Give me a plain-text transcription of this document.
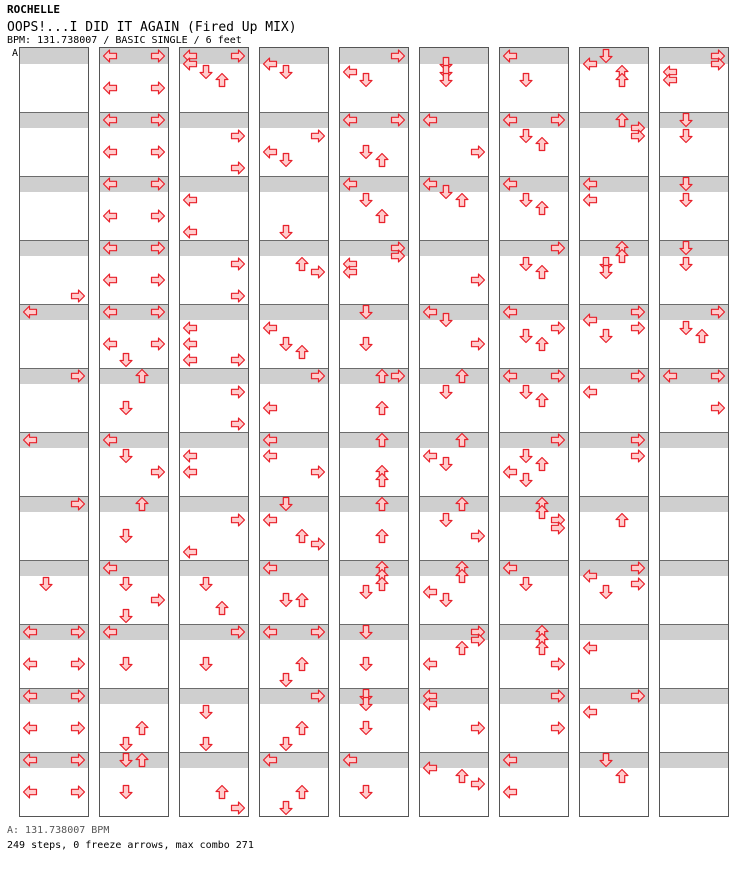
ROCHELLE
OOPS!...I DID IT AGAIN (Fired Up MIX)
BPM: 131.738007 / BASIC SINGLE / 6 feet
A
A: 131.738007 BPM
249 steps, 0 freeze arrows, max combo 271
